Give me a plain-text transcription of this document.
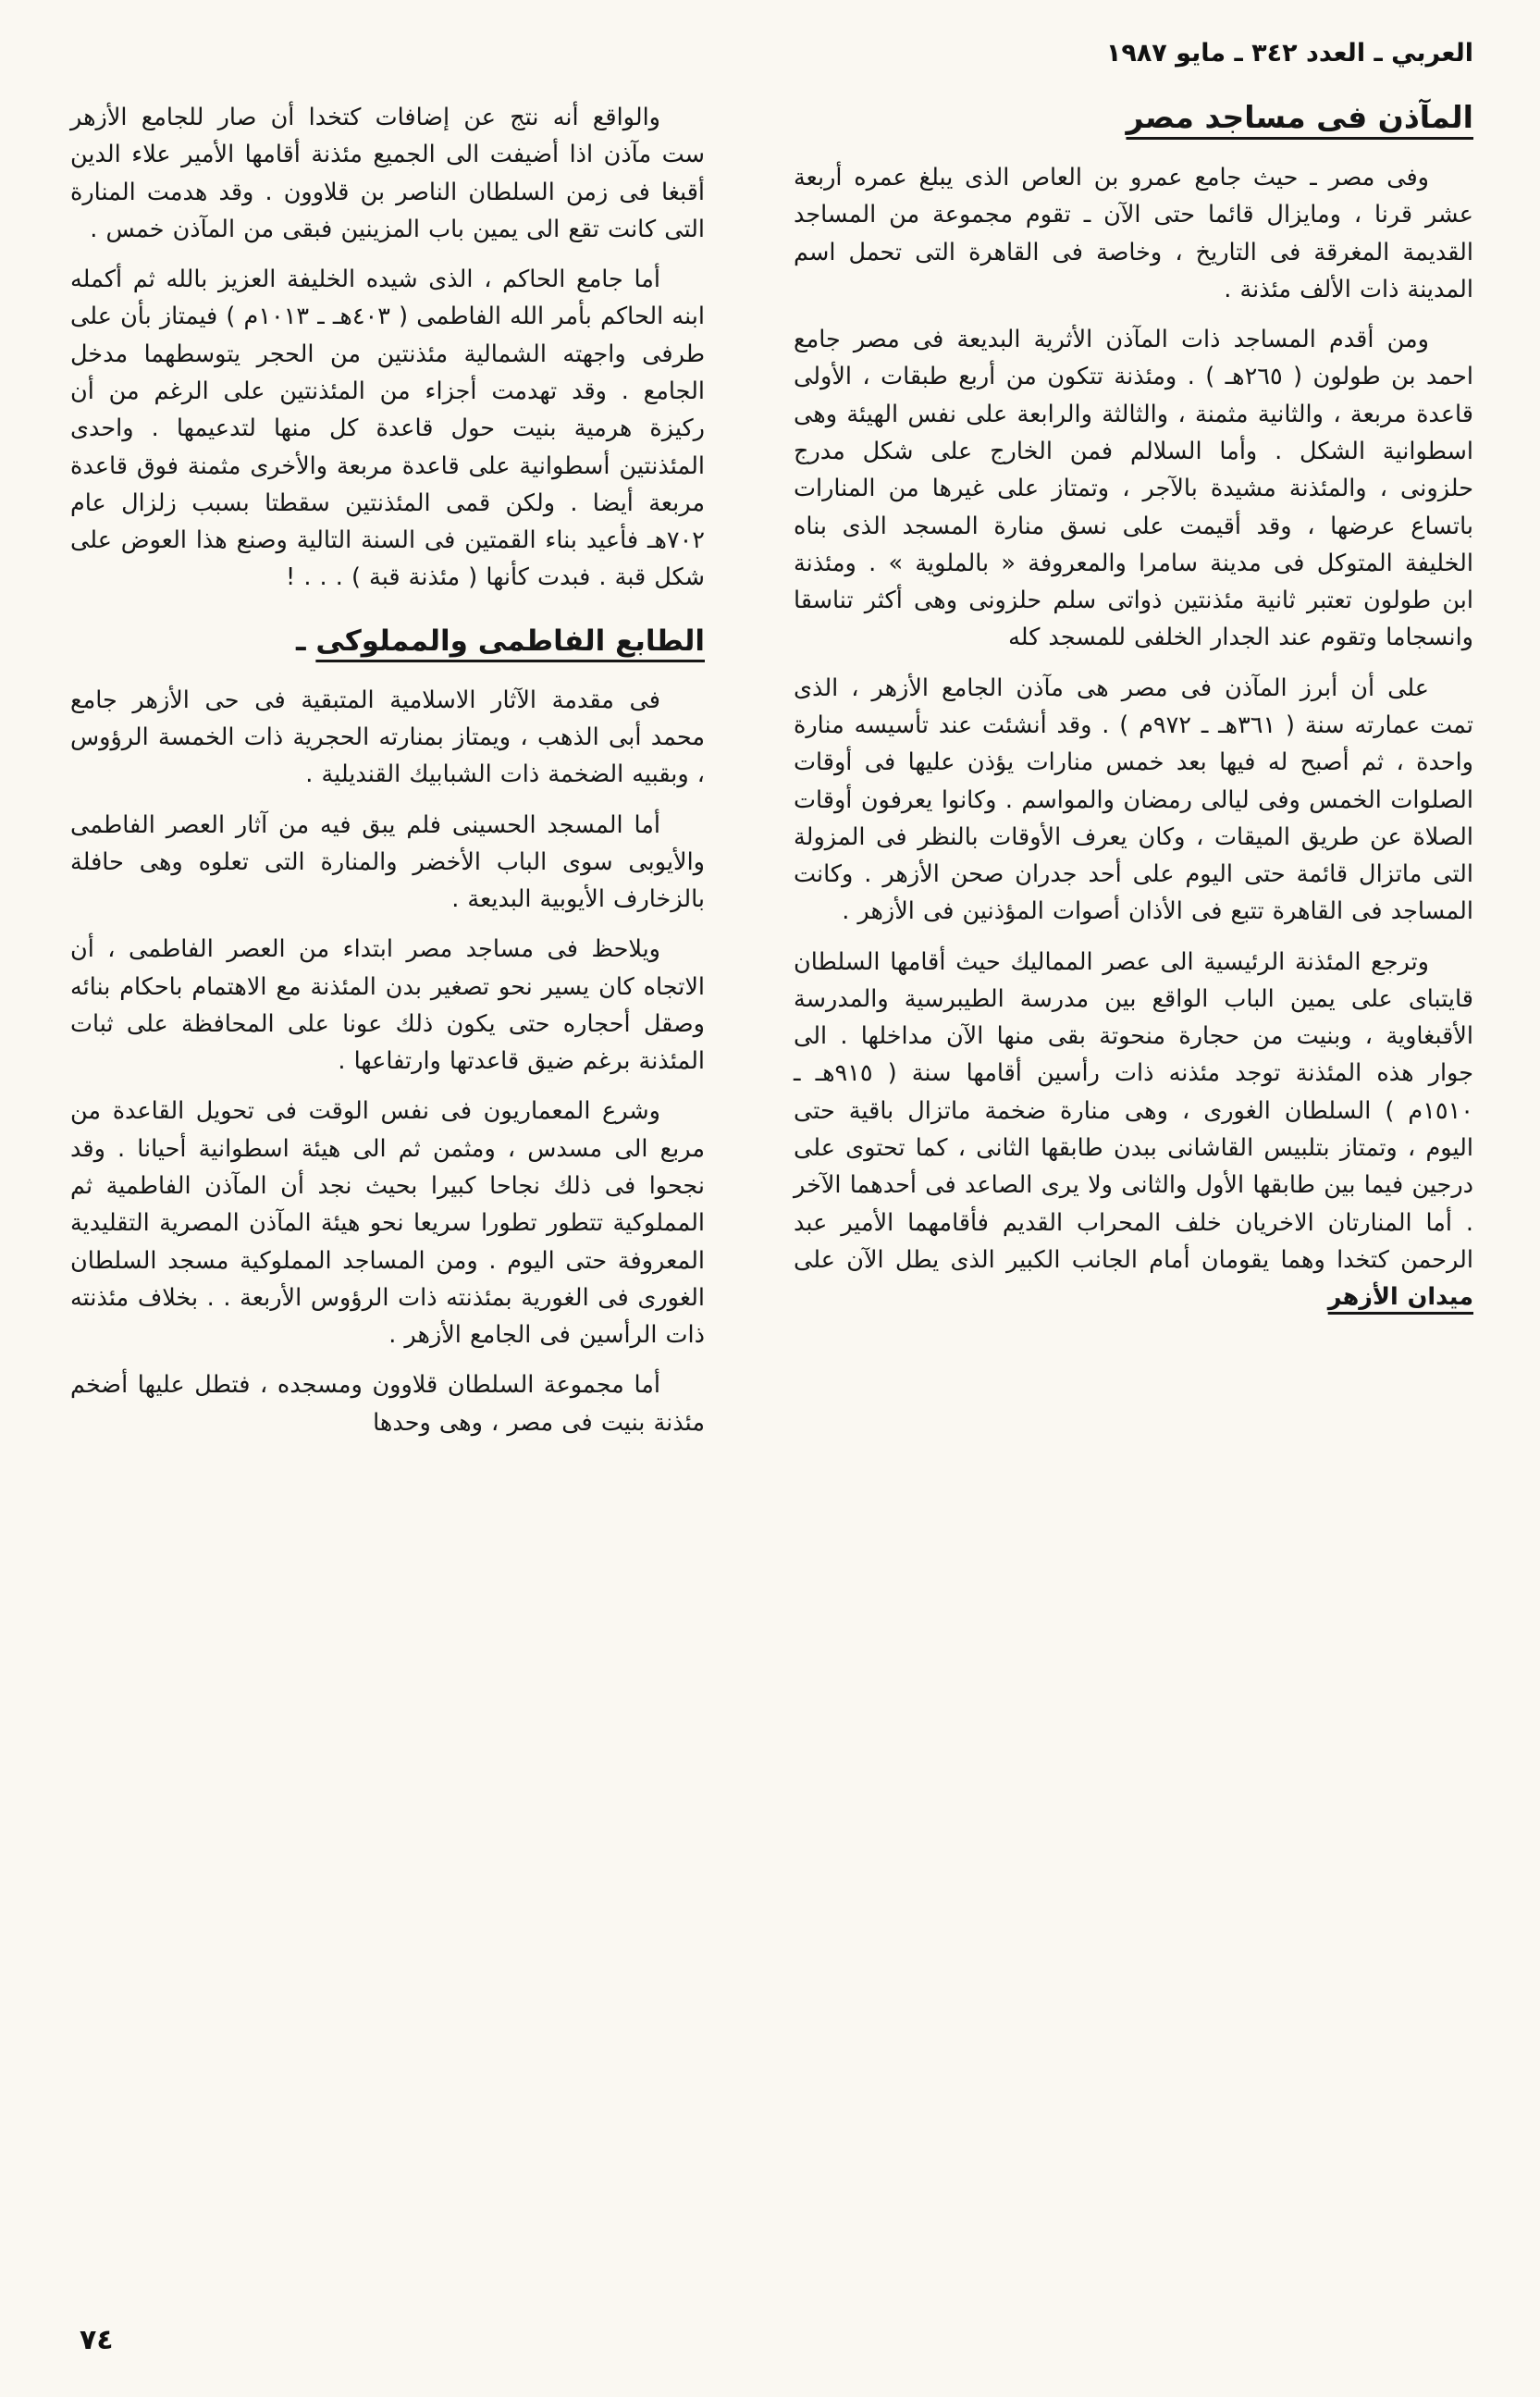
العربي ـ العدد ٣٤٢ ـ مايو ١٩٨٧
المآذن فى مساجد مصر

وفى مصر ـ حيث جامع عمرو بن العاص الذى يبلغ عمره أربعة عشر قرنا ، ومايزال قائما حتى الآن ـ تقوم مجموعة من المساجد القديمة المغرقة فى التاريخ ، وخاصة فى القاهرة التى تحمل اسم المدينة ذات الألف مئذنة .

ومن أقدم المساجد ذات المآذن الأثرية البديعة فى مصر جامع احمد بن طولون ( ٢٦٥هـ ) . ومئذنة تتكون من أربع طبقات ، الأولى قاعدة مربعة ، والثانية مثمنة ، والثالثة والرابعة على نفس الهيئة وهى اسطوانية الشكل . وأما السلالم فمن الخارج على شكل مدرج حلزونى ، والمئذنة مشيدة بالآجر ، وتمتاز على غيرها من المنارات باتساع عرضها ، وقد أقيمت على نسق منارة المسجد الذى بناه الخليفة المتوكل فى مدينة سامرا والمعروفة « بالملوية » . ومئذنة ابن طولون تعتبر ثانية مئذنتين ذواتى سلم حلزونى وهى أكثر تناسقا وانسجاما وتقوم عند الجدار الخلفى للمسجد كله

على أن أبرز المآذن فى مصر هى مآذن الجامع الأزهر ، الذى تمت عمارته سنة ( ٣٦١هـ ـ ٩٧٢م ) . وقد أنشئت عند تأسيسه منارة واحدة ، ثم أصبح له فيها بعد خمس منارات يؤذن عليها فى أوقات الصلوات الخمس وفى ليالى رمضان والمواسم . وكانوا يعرفون أوقات الصلاة عن طريق الميقات ، وكان يعرف الأوقات بالنظر فى المزولة التى ماتزال قائمة حتى اليوم على أحد جدران صحن الأزهر . وكانت المساجد فى القاهرة تتبع فى الأذان أصوات المؤذنين فى الأزهر .

وترجع المئذنة الرئيسية الى عصر المماليك حيث أقامها السلطان قايتباى على يمين الباب الواقع بين مدرسة الطيبرسية والمدرسة الأقبغاوية ، وبنيت من حجارة منحوتة بقى منها الآن مداخلها . الى جوار هذه المئذنة توجد مئذنه ذات رأسين أقامها سنة ( ٩١٥هـ ـ ١٥١٠م ) السلطان الغورى ، وهى منارة ضخمة ماتزال باقية حتى اليوم ، وتمتاز بتلبيس القاشانى ببدن طابقها الثانى ، كما تحتوى على درجين فيما بين طابقها الأول والثانى ولا يرى الصاعد فى أحدهما الآخر . أما المنارتان الاخريان خلف المحراب القديم فأقامهما الأمير عبد الرحمن كتخدا وهما يقومان أمام الجانب الكبير الذى يطل الآن على ميدان الأزهر

والواقع أنه نتج عن إضافات كتخدا أن صار للجامع الأزهر ست مآذن اذا أضيفت الى الجميع مئذنة أقامها الأمير علاء الدين أقبغا فى زمن السلطان الناصر بن قلاوون . وقد هدمت المنارة التى كانت تقع الى يمين باب المزينين فبقى من المآذن خمس .

أما جامع الحاكم ، الذى شيده الخليفة العزيز بالله ثم أكمله ابنه الحاكم بأمر الله الفاطمى ( ٤٠٣هـ ـ ١٠١٣م ) فيمتاز بأن على طرفى واجهته الشمالية مئذنتين من الحجر يتوسطهما مدخل الجامع . وقد تهدمت أجزاء من المئذنتين على الرغم من أن ركيزة هرمية بنيت حول قاعدة كل منها لتدعيمها . واحدى المئذنتين أسطوانية على قاعدة مربعة والأخرى مثمنة فوق قاعدة مربعة أيضا . ولكن قمى المئذنتين سقطتا بسبب زلزال عام ٧٠٢هـ فأعيد بناء القمتين فى السنة التالية وصنع هذا العوض على شكل قبة . فبدت كأنها ( مئذنة قبة ) . . . !

الطابع الفاطمى والمملوكى ـ

فى مقدمة الآثار الاسلامية المتبقية فى حى الأزهر جامع محمد أبى الذهب ، ويمتاز بمنارته الحجرية ذات الخمسة الرؤوس ، وبقبيه الضخمة ذات الشبابيك القنديلية .

أما المسجد الحسينى فلم يبق فيه من آثار العصر الفاطمى والأيوبى سوى الباب الأخضر والمنارة التى تعلوه وهى حافلة بالزخارف الأيوبية البديعة .

ويلاحظ فى مساجد مصر ابتداء من العصر الفاطمى ، أن الاتجاه كان يسير نحو تصغير بدن المئذنة مع الاهتمام باحكام بنائه وصقل أحجاره حتى يكون ذلك عونا على المحافظة على ثبات المئذنة برغم ضيق قاعدتها وارتفاعها .

وشرع المعماريون فى نفس الوقت فى تحويل القاعدة من مربع الى مسدس ، ومثمن ثم الى هيئة اسطوانية أحيانا . وقد نجحوا فى ذلك نجاحا كبيرا بحيث نجد أن المآذن الفاطمية ثم المملوكية تتطور تطورا سريعا نحو هيئة المآذن المصرية التقليدية المعروفة حتى اليوم . ومن المساجد المملوكية مسجد السلطان الغورى فى الغورية بمئذنته ذات الرؤوس الأربعة . . بخلاف مئذنته ذات الرأسين فى الجامع الأزهر .

أما مجموعة السلطان قلاوون ومسجده ، فتطل عليها أضخم مئذنة بنيت فى مصر ، وهى وحدها

٧٤
